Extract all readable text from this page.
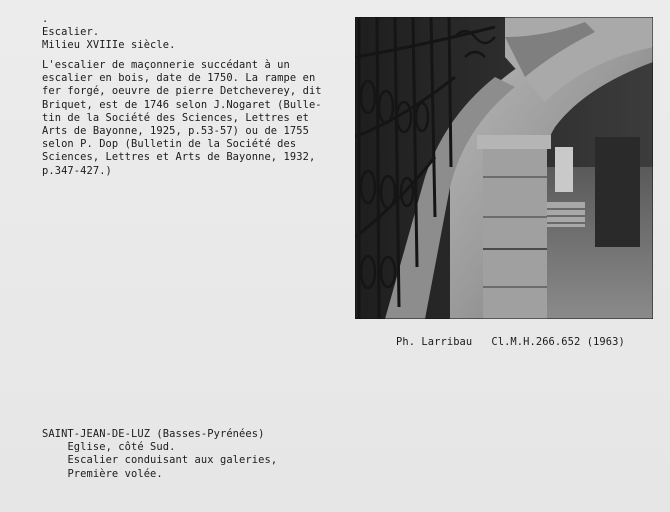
.
Escalier.
Milieu XVIIIe siècle.
L'escalier de maçonnerie succédant à un
escalier en bois, date de 1750. La rampe en
fer forgé, oeuvre de pierre Detcheverey, dit
Briquet, est de 1746 selon J.Nogaret (Bulle-
tin de la Société des Sciences, Lettres et
Arts de Bayonne, 1925, p.53-57) ou de 1755
selon P. Dop (Bulletin de la Société des
Sciences, Lettres et Arts de Bayonne, 1932,
p.347-427.)
Ph. Larribau Cl.M.H.266.652 (1963)
SAINT-JEAN-DE-LUZ (Basses-Pyrénées)
Eglise, côté Sud.
Escalier conduisant aux galeries,
Première volée.
